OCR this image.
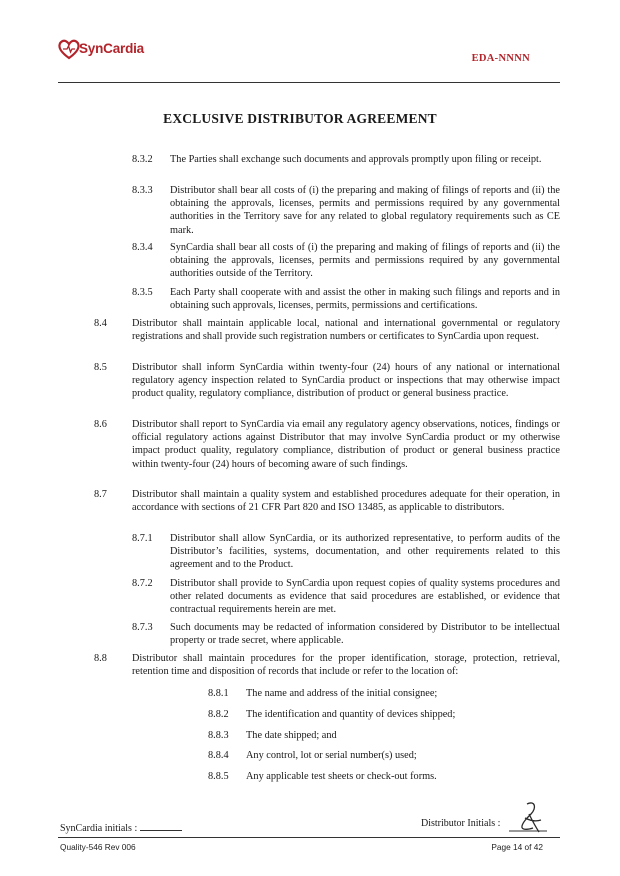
SynCardia
EDA-NNNN
EXCLUSIVE DISTRIBUTOR AGREEMENT
8.3.2 The Parties shall exchange such documents and approvals promptly upon filing or receipt.
8.3.3 Distributor shall bear all costs of (i) the preparing and making of filings of reports and (ii) the obtaining the approvals, licenses, permits and permissions required by any governmental authorities in the Territory save for any related to global regulatory requirements such as CE mark.
8.3.4 SynCardia shall bear all costs of (i) the preparing and making of filings of reports and (ii) the obtaining the approvals, licenses, permits and permissions required by any governmental authorities outside of the Territory.
8.3.5 Each Party shall cooperate with and assist the other in making such filings and reports and in obtaining such approvals, licenses, permits, permissions and certifications.
8.4 Distributor shall maintain applicable local, national and international governmental or regulatory registrations and shall provide such registration numbers or certificates to SynCardia upon request.
8.5 Distributor shall inform SynCardia within twenty-four (24) hours of any national or international regulatory agency inspection related to SynCardia product or inspections that may otherwise impact product quality, regulatory compliance, distribution of product or general business practice.
8.6 Distributor shall report to SynCardia via email any regulatory agency observations, notices, findings or official regulatory actions against Distributor that may involve SynCardia product or my otherwise impact product quality, regulatory compliance, distribution of product or general business practice within twenty-four (24) hours of becoming aware of such findings.
8.7 Distributor shall maintain a quality system and established procedures adequate for their operation, in accordance with sections of 21 CFR Part 820 and ISO 13485, as applicable to distributors.
8.7.1 Distributor shall allow SynCardia, or its authorized representative, to perform audits of the Distributor’s facilities, systems, documentation, and other requirements related to this agreement and to the Product.
8.7.2 Distributor shall provide to SynCardia upon request copies of quality systems procedures and other related documents as evidence that said procedures are established, or evidence that contractual requirements herein are met.
8.7.3 Such documents may be redacted of information considered by Distributor to be intellectual property or trade secret, where applicable.
8.8 Distributor shall maintain procedures for the proper identification, storage, protection, retrieval, retention time and disposition of records that include or refer to the location of:
8.8.1 The name and address of the initial consignee;
8.8.2 The identification and quantity of devices shipped;
8.8.3 The date shipped; and
8.8.4 Any control, lot or serial number(s) used;
8.8.5 Any applicable test sheets or check-out forms.
SynCardia initials :	Distributor Initials :
Quality-546 Rev 006	Page 14 of 42
